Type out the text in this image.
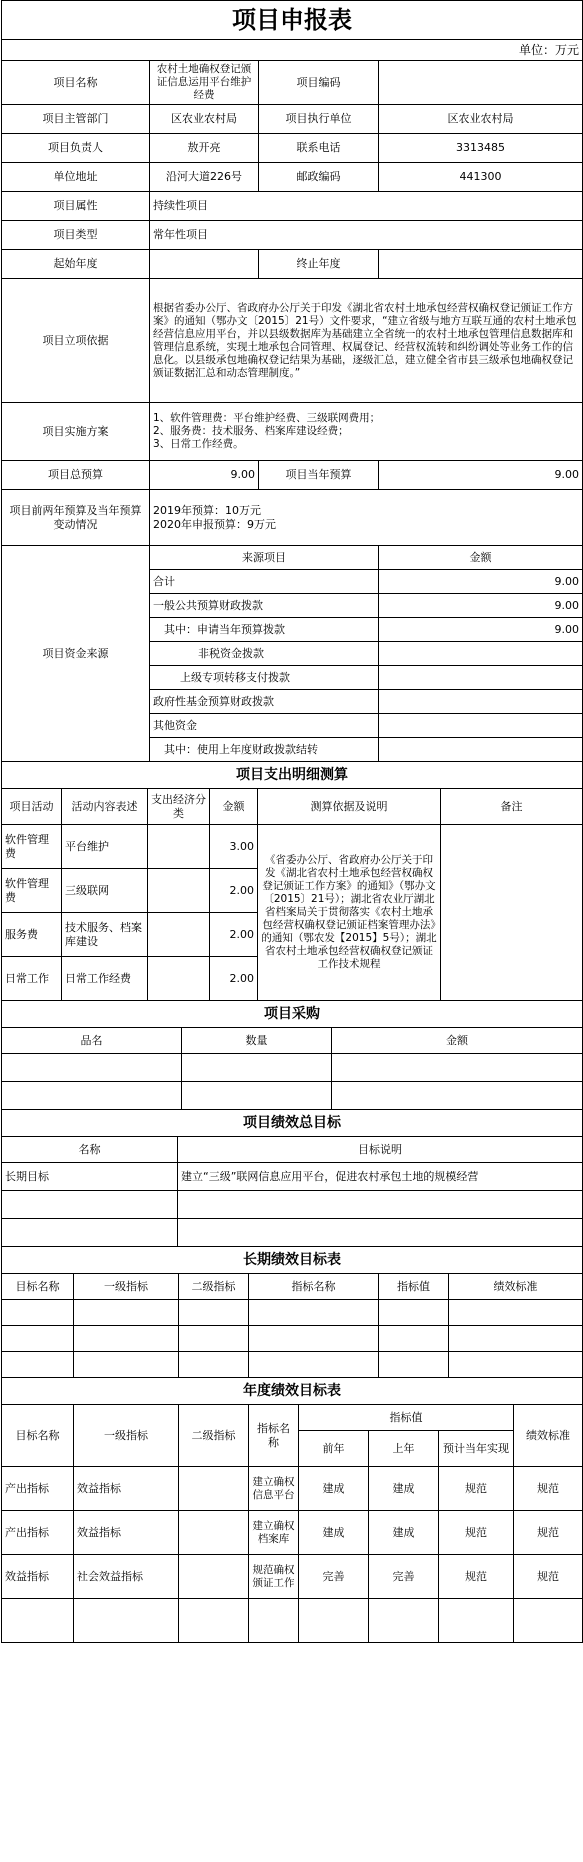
项目申报表			
单位：万元			
项目名称	农村土地确权登记颁证信息运用平台维护经费	项目编码	
项目主管部门	区农业农村局	项目执行单位	区农业农村局
项目负责人	敖开亮	联系电话	3313485
单位地址	沿河大道226号	邮政编码	441300
项目属性	持续性项目		
项目类型	常年性项目		
起始年度		终止年度	
项目立项依据	根据省委办公厅、省政府办公厅关于印发《湖北省农村土地承包经营权确权登记颁证工作方案》的通知（鄂办文〔2015〕21号）文件要求，“建立省级与地方互联互通的农村土地承包经营信息应用平台，并以县级数据库为基础建立全省统一的农村土地承包管理信息数据库和管理信息系统，实现土地承包合同管理、权属登记、经营权流转和纠纷调处等业务工作的信息化。以县级承包地确权登记结果为基础，逐级汇总，建立健全省市县三级承包地确权登记颁证数据汇总和动态管理制度。”		
项目实施方案	1、软件管理费：平台维护经费、三级联网费用；
2、服务费：技术服务、档案库建设经费；
3、日常工作经费。		

项目总预算	9.00	项目当年预算	9.00
项目前两年预算及当年预算变动情况	2019年预算：10万元
2020年申报预算：9万元		
项目资金来源	来源项目	金额
	合计	9.00
	一般公共预算财政拨款	9.00
	其中：申请当年预算拨款	9.00
	非税资金拨款	
	上级专项转移支付拨款	
	政府性基金预算财政拨款	
	其他资金	
	其中：使用上年度财政拨款结转	
项目支出明细测算					
项目活动	活动内容表述	支出经济分类	金额	测算依据及说明	备注
软件管理费	平台维护		3.00	《省委办公厅、省政府办公厅关于印发《湖北省农村土地承包经营权确权登记颁证工作方案》的通知》（鄂办文〔2015〕21号）；湖北省农业厅湖北省档案局关于贯彻落实《农村土地承包经营权确权登记颁证档案管理办法》的通知（鄂农发【2015】5号）；湖北省农村土地承包经营权确权登记颁证工作技术规程	
软件管理费	三级联网		2.00		
服务费	技术服务、档案库建设		2.00		
日常工作	日常工作经费		2.00		
项目采购		
品名	数量	金额

项目绩效总目标	
名称	目标说明
长期目标	建立“三级”联网信息应用平台，促进农村承包土地的规模经营

长期绩效目标表					
目标名称	一级指标	二级指标	指标名称	指标值	绩效标准

年度绩效目标表							
目标名称	一级指标	二级指标	指标名称	指标值			绩效标准
				前年	上年	预计当年实现	
产出指标	效益指标		建立确权信息平台	建成	建成	规范	规范
产出指标	效益指标		建立确权档案库	建成	建成	规范	规范
效益指标	社会效益指标		规范确权颁证工作	完善	完善	规范	规范
